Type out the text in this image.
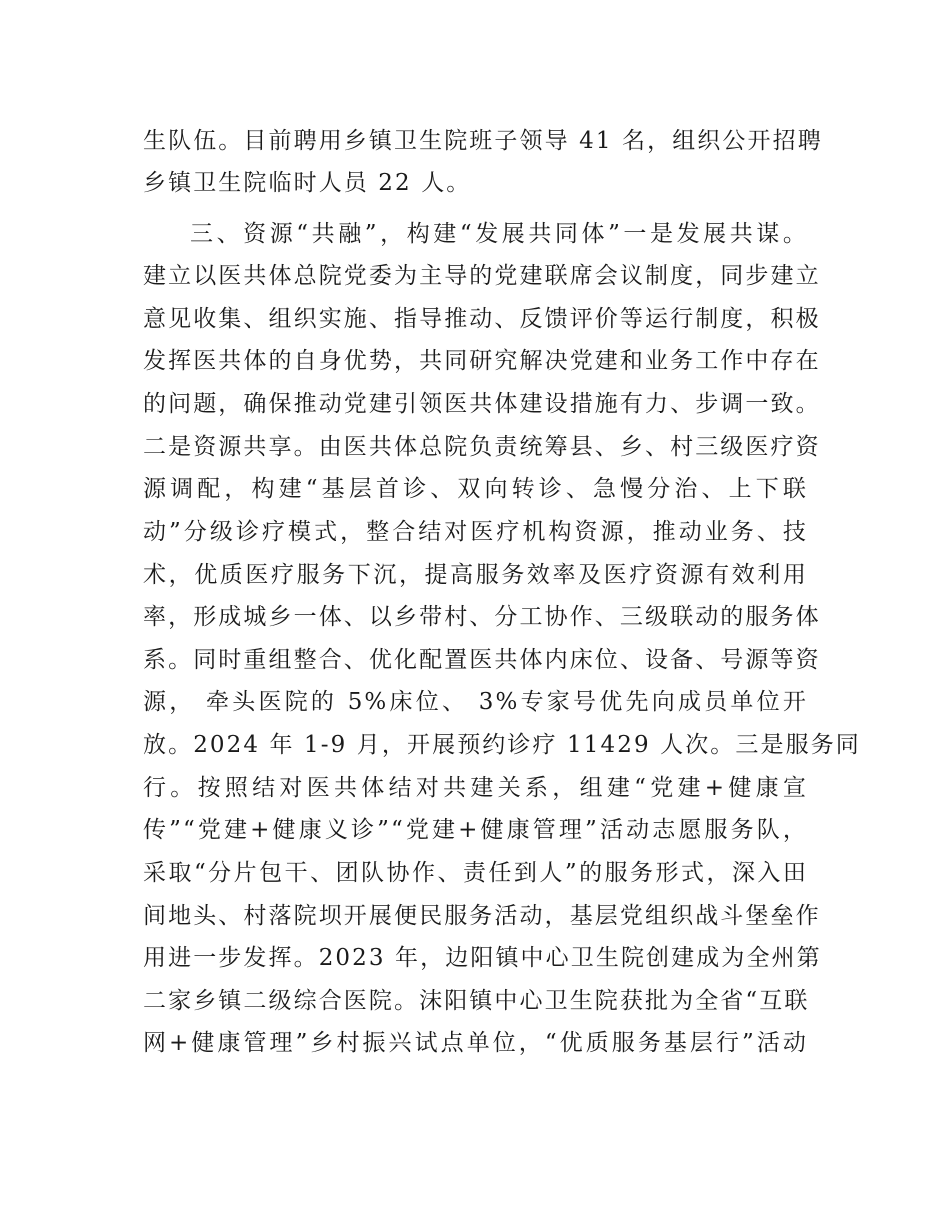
生队伍。目前聘用乡镇卫生院班子领导 41 名，组织公开招聘
乡镇卫生院临时人员 22 人。
三、资源“共融”，构建“发展共同体”一是发展共谋。
建立以医共体总院党委为主导的党建联席会议制度，同步建立
意见收集、组织实施、指导推动、反馈评价等运行制度，积极
发挥医共体的自身优势，共同研究解决党建和业务工作中存在
的问题，确保推动党建引领医共体建设措施有力、步调一致。
二是资源共享。由医共体总院负责统筹县、乡、村三级医疗资
源调配，构建“基层首诊、双向转诊、急慢分治、上下联
动”分级诊疗模式，整合结对医疗机构资源，推动业务、技
术，优质医疗服务下沉，提高服务效率及医疗资源有效利用
率，形成城乡一体、以乡带村、分工协作、三级联动的服务体
系。同时重组整合、优化配置医共体内床位、设备、号源等资
源， 牵头医院的 5%床位、 3%专家号优先向成员单位开
放。2024 年 1-9 月，开展预约诊疗 11429 人次。三是服务同
行。按照结对医共体结对共建关系，组建“党建+健康宣
传”“党建+健康义诊”“党建+健康管理”活动志愿服务队，
采取“分片包干、团队协作、责任到人”的服务形式，深入田
间地头、村落院坝开展便民服务活动，基层党组织战斗堡垒作
用进一步发挥。2023 年，边阳镇中心卫生院创建成为全州第
二家乡镇二级综合医院。沫阳镇中心卫生院获批为全省“互联
网+健康管理”乡村振兴试点单位，“优质服务基层行”活动
